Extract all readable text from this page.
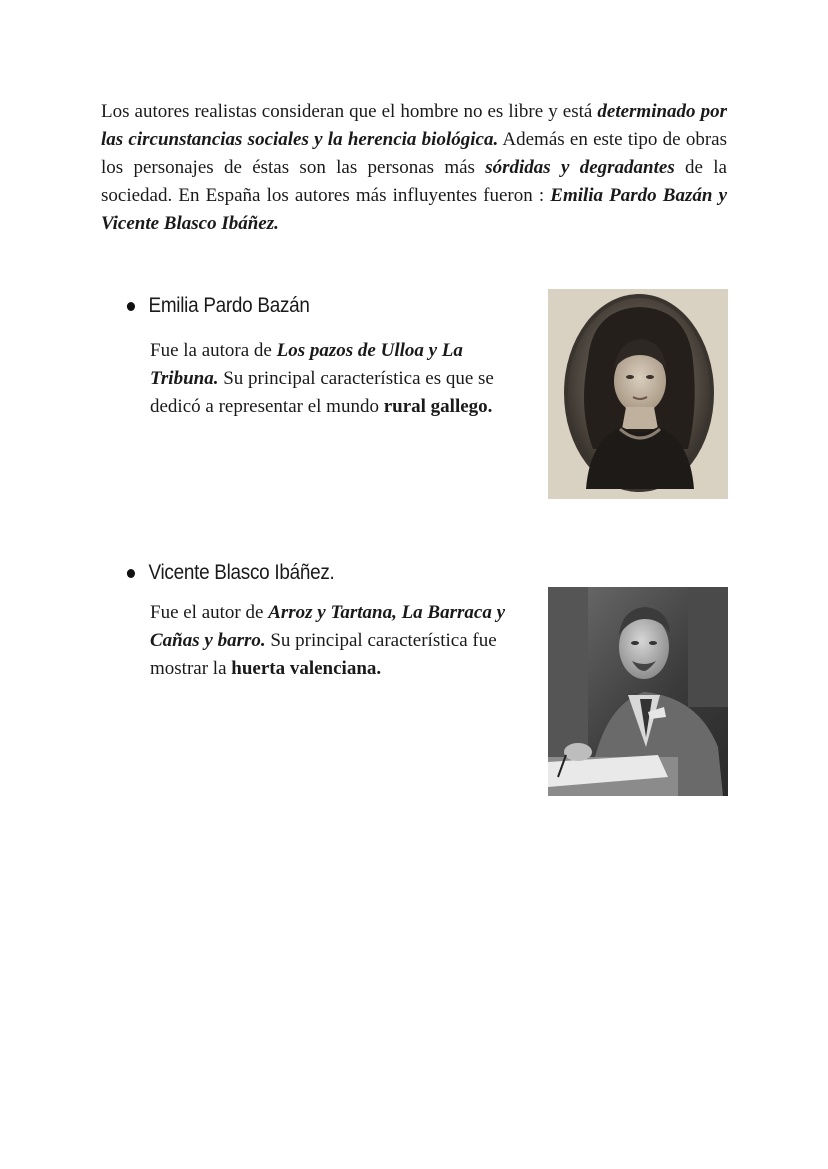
Los autores realistas consideran que el hombre no es libre y está determinado por las circunstancias sociales y la herencia biológica. Además en este tipo de obras los personajes de éstas son las personas más sórdidas y degradantes de la sociedad. En España los autores más influyentes fueron : Emilia Pardo Bazán y Vicente Blasco Ibáñez.

Emilia Pardo Bazán

Fue la autora de Los pazos de Ulloa y La Tribuna. Su principal característica es que se dedicó a representar el mundo rural gallego.

Vicente Blasco Ibáñez.

Fue el autor de Arroz y Tartana, La Barraca y Cañas y barro. Su principal característica fue mostrar la huerta valenciana.
